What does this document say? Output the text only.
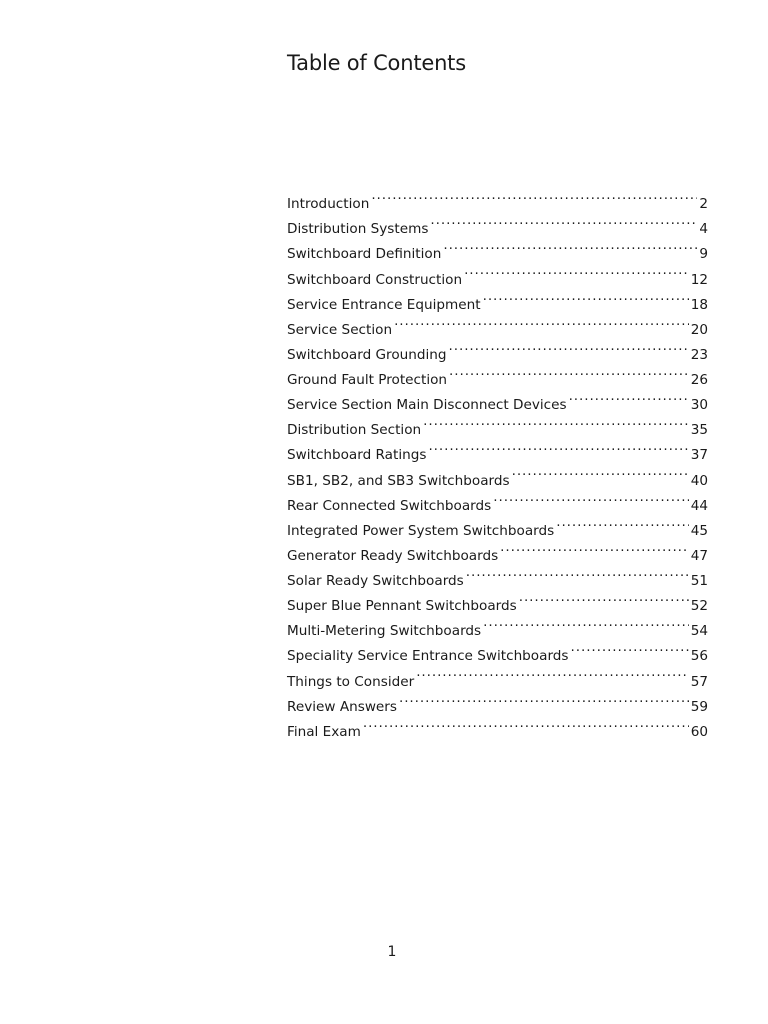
Table of Contents
Introduction .....	2
Distribution Systems .....	4
Switchboard Definition .....	9
Switchboard Construction .....	12
Service Entrance Equipment .....	18
Service Section .....	20
Switchboard Grounding .....	23
Ground Fault Protection .....	26
Service Section Main Disconnect Devices .....	30
Distribution Section .....	35
Switchboard Ratings .....	37
SB1, SB2, and SB3 Switchboards .....	40
Rear Connected Switchboards .....	44
Integrated Power System Switchboards .....	45
Generator Ready Switchboards .....	47
Solar Ready Switchboards .....	51
Super Blue Pennant Switchboards .....	52
Multi-Metering Switchboards .....	54
Speciality Service Entrance Switchboards .....	56
Things to Consider .....	57
Review Answers .....	59
Final Exam .....	60
1
